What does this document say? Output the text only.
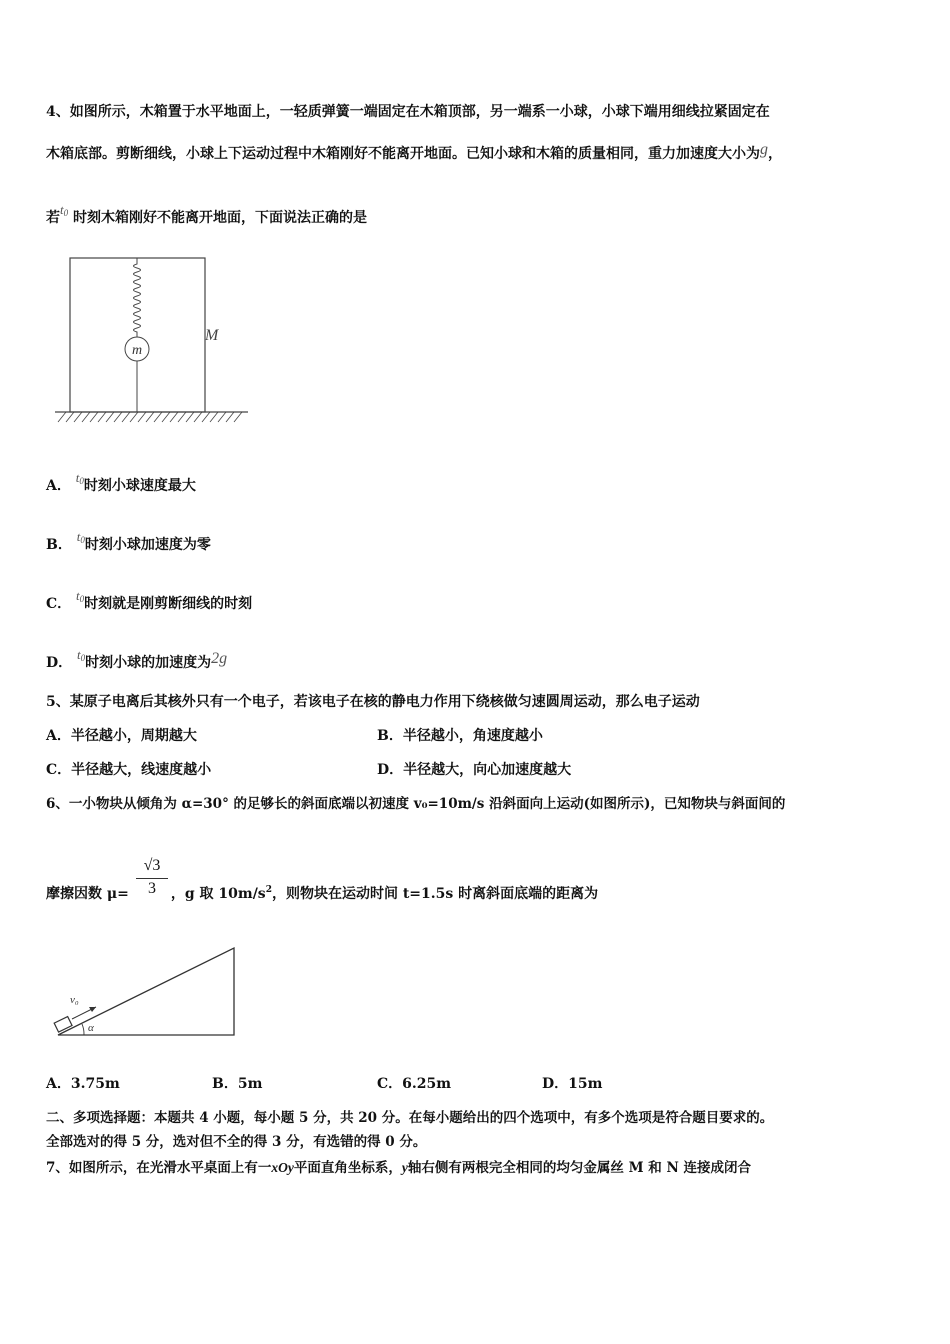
4、如图所示，木箱置于水平地面上，一轻质弹簧一端固定在木箱顶部，另一端系一小球，小球下端用细线拉紧固定在
木箱底部。剪断细线，小球上下运动过程中木箱刚好不能离开地面。已知小球和木箱的质量相同，重力加速度大小为g，
若$t_0$ 时刻木箱刚好不能离开地面，下面说法正确的是
m
M
A． $t_0$时刻小球速度最大
B． $t_0$时刻小球加速度为零
C． $t_0$时刻就是刚剪断细线的时刻
D． $t_0$时刻小球的加速度为2g
5、某原子电离后其核外只有一个电子，若该电子在核的静电力作用下绕核做匀速圆周运动，那么电子运动
A．半径越小，周期越大	B．半径越小，角速度越小
C．半径越大，线速度越小	D．半径越大，向心加速度越大
6、一小物块从倾角为 α=30° 的足够长的斜面底端以初速度 v₀=10m/s 沿斜面向上运动(如图所示)，已知物块与斜面间的
摩擦因数 μ=	，g 取 $10m/s^2$，则物块在运动时间 t=1.5s 时离斜面底端的距离为
√3
3
v₀
α
A．3.75m	B．5m	C．6.25m	D．15m
二、多项选择题：本题共 4 小题，每小题 5 分，共 20 分。在每小题给出的四个选项中，有多个选项是符合题目要求的。
全部选对的得 5 分，选对但不全的得 3 分，有选错的得 0 分。
7、如图所示，在光滑水平桌面上有一xOy平面直角坐标系，y轴右侧有两根完全相同的均匀金属丝 M 和 N 连接成闭合
